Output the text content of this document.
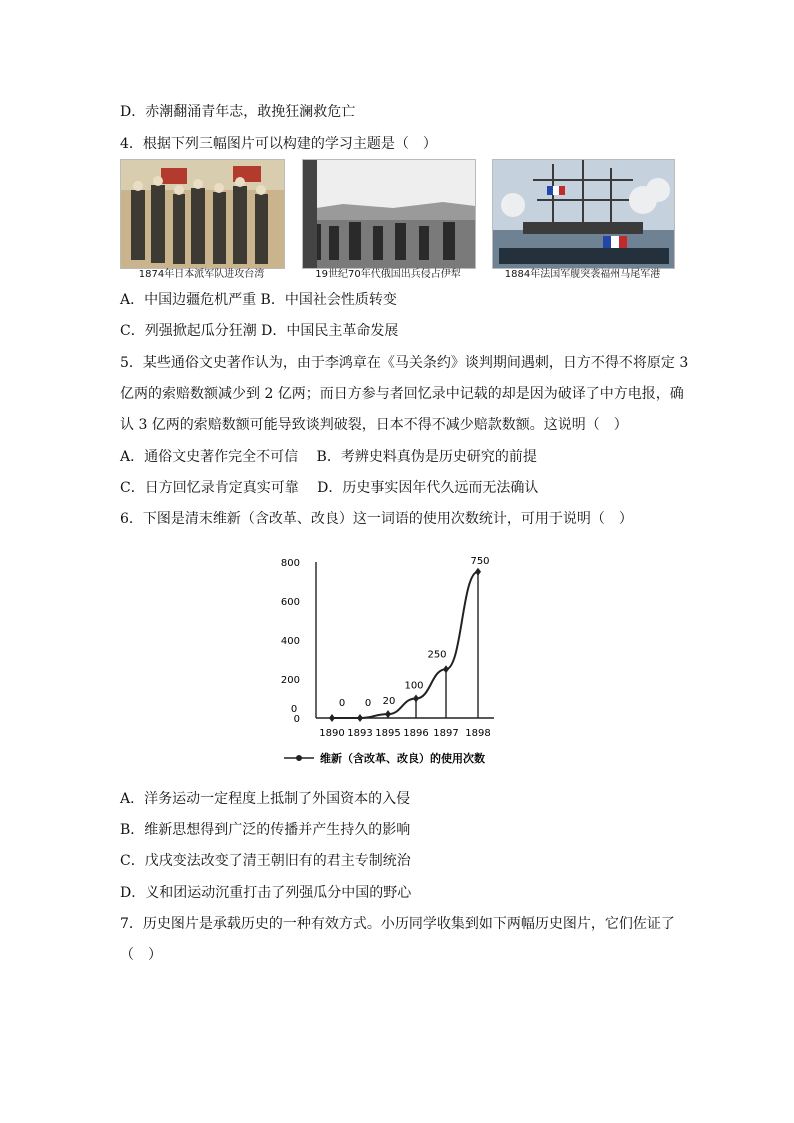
D．赤潮翻涌青年志，敢挽狂澜救危亡
4．根据下列三幅图片可以构建的学习主题是（　）
1874年日本派军队进攻台湾	19世纪70年代俄国出兵侵占伊犁	1884年法国军舰突袭福州马尾军港
A．中国边疆危机严重 B．中国社会性质转变
C．列强掀起瓜分狂潮 D．中国民主革命发展
5．某些通俗文史著作认为，由于李鸿章在《马关条约》谈判期间遇刺，日方不得不将原定 3
亿两的索赔数额减少到 2 亿两；而日方参与者回忆录中记载的却是因为破译了中方电报，确
认 3 亿两的索赔数额可能导致谈判破裂，日本不得不减少赔款数额。这说明（　）
A．通俗文史著作完全不可信　 B．考辨史料真伪是历史研究的前提
C．日方回忆录肯定真实可靠　 D．历史事实因年代久远而无法确认
6．下图是清末维新（含改革、改良）这一词语的使用次数统计，可用于说明（　）
800
600
400
200
0
1890 1893 1895 1896 1897 1898
0 0 20
100
250
750
0
维新（含改革、改良）的使用次数
A．洋务运动一定程度上抵制了外国资本的入侵
B．维新思想得到广泛的传播并产生持久的影响
C．戊戌变法改变了清王朝旧有的君主专制统治
D．义和团运动沉重打击了列强瓜分中国的野心
7．历史图片是承载历史的一种有效方式。小历同学收集到如下两幅历史图片，它们佐证了
（　）
